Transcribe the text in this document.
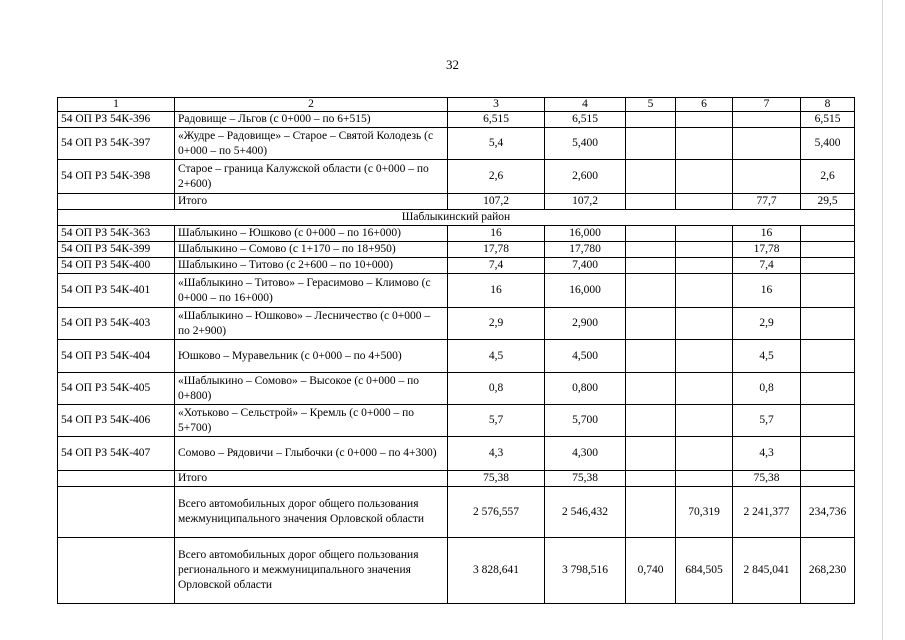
32
1	2	3	4	5	6	7	8
54 ОП РЗ 54К-396	Радовище – Льгов (с 0+000 – по 6+515)	6,515	6,515				6,515
54 ОП РЗ 54К-397	«Жудре – Радовище» – Старое – Святой Колодезь (с 0+000 – по 5+400)	5,4	5,400				5,400
54 ОП РЗ 54К-398	Старое – граница Калужской области (с 0+000 – по 2+600)	2,6	2,600				2,6
	Итого	107,2	107,2			77,7	29,5
Шаблыкинский район							
54 ОП РЗ 54К-363	Шаблыкино – Юшково (с 0+000 – по 16+000)	16	16,000			16	
54 ОП РЗ 54К-399	Шаблыкино – Сомово (с 1+170 – по 18+950)	17,78	17,780			17,78	
54 ОП РЗ 54К-400	Шаблыкино – Титово (с 2+600 – по 10+000)	7,4	7,400			7,4	
54 ОП РЗ 54К-401	«Шаблыкино – Титово» – Герасимово – Климово (с 0+000 – по 16+000)	16	16,000			16	
54 ОП РЗ 54К-403	«Шаблыкино – Юшково» – Лесничество (с 0+000 – по 2+900)	2,9	2,900			2,9	
54 ОП РЗ 54К-404	Юшково – Муравельник (с 0+000 – по 4+500)	4,5	4,500			4,5	
54 ОП РЗ 54К-405	«Шаблыкино – Сомово» – Высокое (с 0+000 – по 0+800)	0,8	0,800			0,8	
54 ОП РЗ 54К-406	«Хотьково – Сельстрой» – Кремль (с 0+000 – по 5+700)	5,7	5,700			5,7	
54 ОП РЗ 54К-407	Сомово – Рядовичи – Глыбочки (с 0+000 – по 4+300)	4,3	4,300			4,3	
	Итого	75,38	75,38			75,38	
	Всего автомобильных дорог общего пользования межмуниципального значения Орловской области	2 576,557	2 546,432		70,319	2 241,377	234,736
	Всего автомобильных дорог общего пользования регионального и межмуниципального значения Орловской области	3 828,641	3 798,516	0,740	684,505	2 845,041	268,230
